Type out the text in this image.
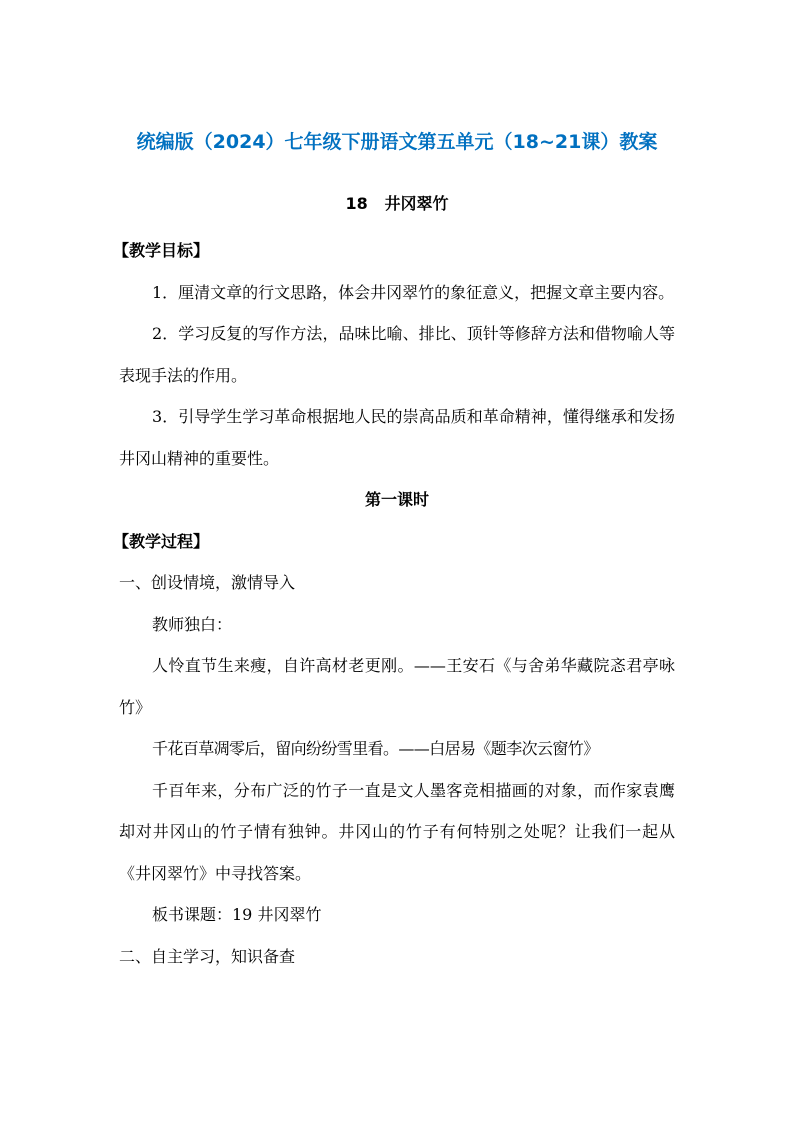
统编版（2024）七年级下册语文第五单元（18~21课）教案
18   井冈翠竹

【教学目标】

1．厘清文章的行文思路，体会井冈翠竹的象征意义，把握文章主要内容。

2．学习反复的写作方法，品味比喻、排比、顶针等修辞方法和借物喻人等表现手法的作用。

3．引导学生学习革命根据地人民的崇高品质和革命精神，懂得继承和发扬井冈山精神的重要性。

第一课时

【教学过程】

一、创设情境，激情导入

教师独白：

人怜直节生来瘦，自许高材老更刚。——王安石《与舍弟华藏院忞君亭咏竹》

千花百草凋零后，留向纷纷雪里看。——白居易《题李次云窗竹》

千百年来，分布广泛的竹子一直是文人墨客竞相描画的对象，而作家袁鹰却对井冈山的竹子情有独钟。井冈山的竹子有何特别之处呢？让我们一起从《井冈翠竹》中寻找答案。

板书课题：19 井冈翠竹

二、自主学习，知识备查
